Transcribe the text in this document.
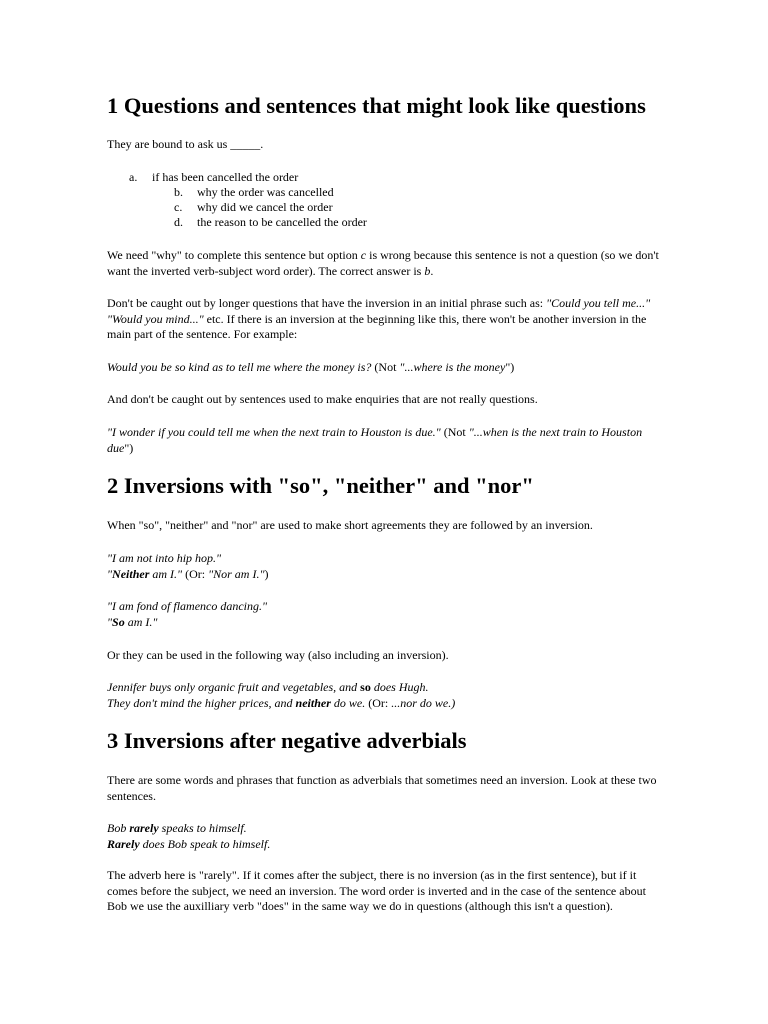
1 Questions and sentences that might look like questions

They are bound to ask us _____.

a. if has been cancelled the order
b. why the order was cancelled
c. why did we cancel the order
d. the reason to be cancelled the order

We need "why" to complete this sentence but option c is wrong because this sentence is not a question (so we don't want the inverted verb-subject word order). The correct answer is b.

Don't be caught out by longer questions that have the inversion in an initial phrase such as: "Could you tell me..." "Would you mind..." etc. If there is an inversion at the beginning like this, there won't be another inversion in the main part of the sentence. For example:

Would you be so kind as to tell me where the money is? (Not "...where is the money")

And don't be caught out by sentences used to make enquiries that are not really questions.

"I wonder if you could tell me when the next train to Houston is due." (Not "...when is the next train to Houston due")

2 Inversions with "so", "neither" and "nor"

When "so", "neither" and "nor" are used to make short agreements they are followed by an inversion.

"I am not into hip hop."
"Neither am I." (Or: "Nor am I.")

"I am fond of flamenco dancing."
"So am I."

Or they can be used in the following way (also including an inversion).

Jennifer buys only organic fruit and vegetables, and so does Hugh.
They don't mind the higher prices, and neither do we. (Or: ...nor do we.)

3 Inversions after negative adverbials

There are some words and phrases that function as adverbials that sometimes need an inversion. Look at these two sentences.

Bob rarely speaks to himself.
Rarely does Bob speak to himself.

The adverb here is "rarely". If it comes after the subject, there is no inversion (as in the first sentence), but if it comes before the subject, we need an inversion. The word order is inverted and in the case of the sentence about Bob we use the auxilliary verb "does" in the same way we do in questions (although this isn't a question).
